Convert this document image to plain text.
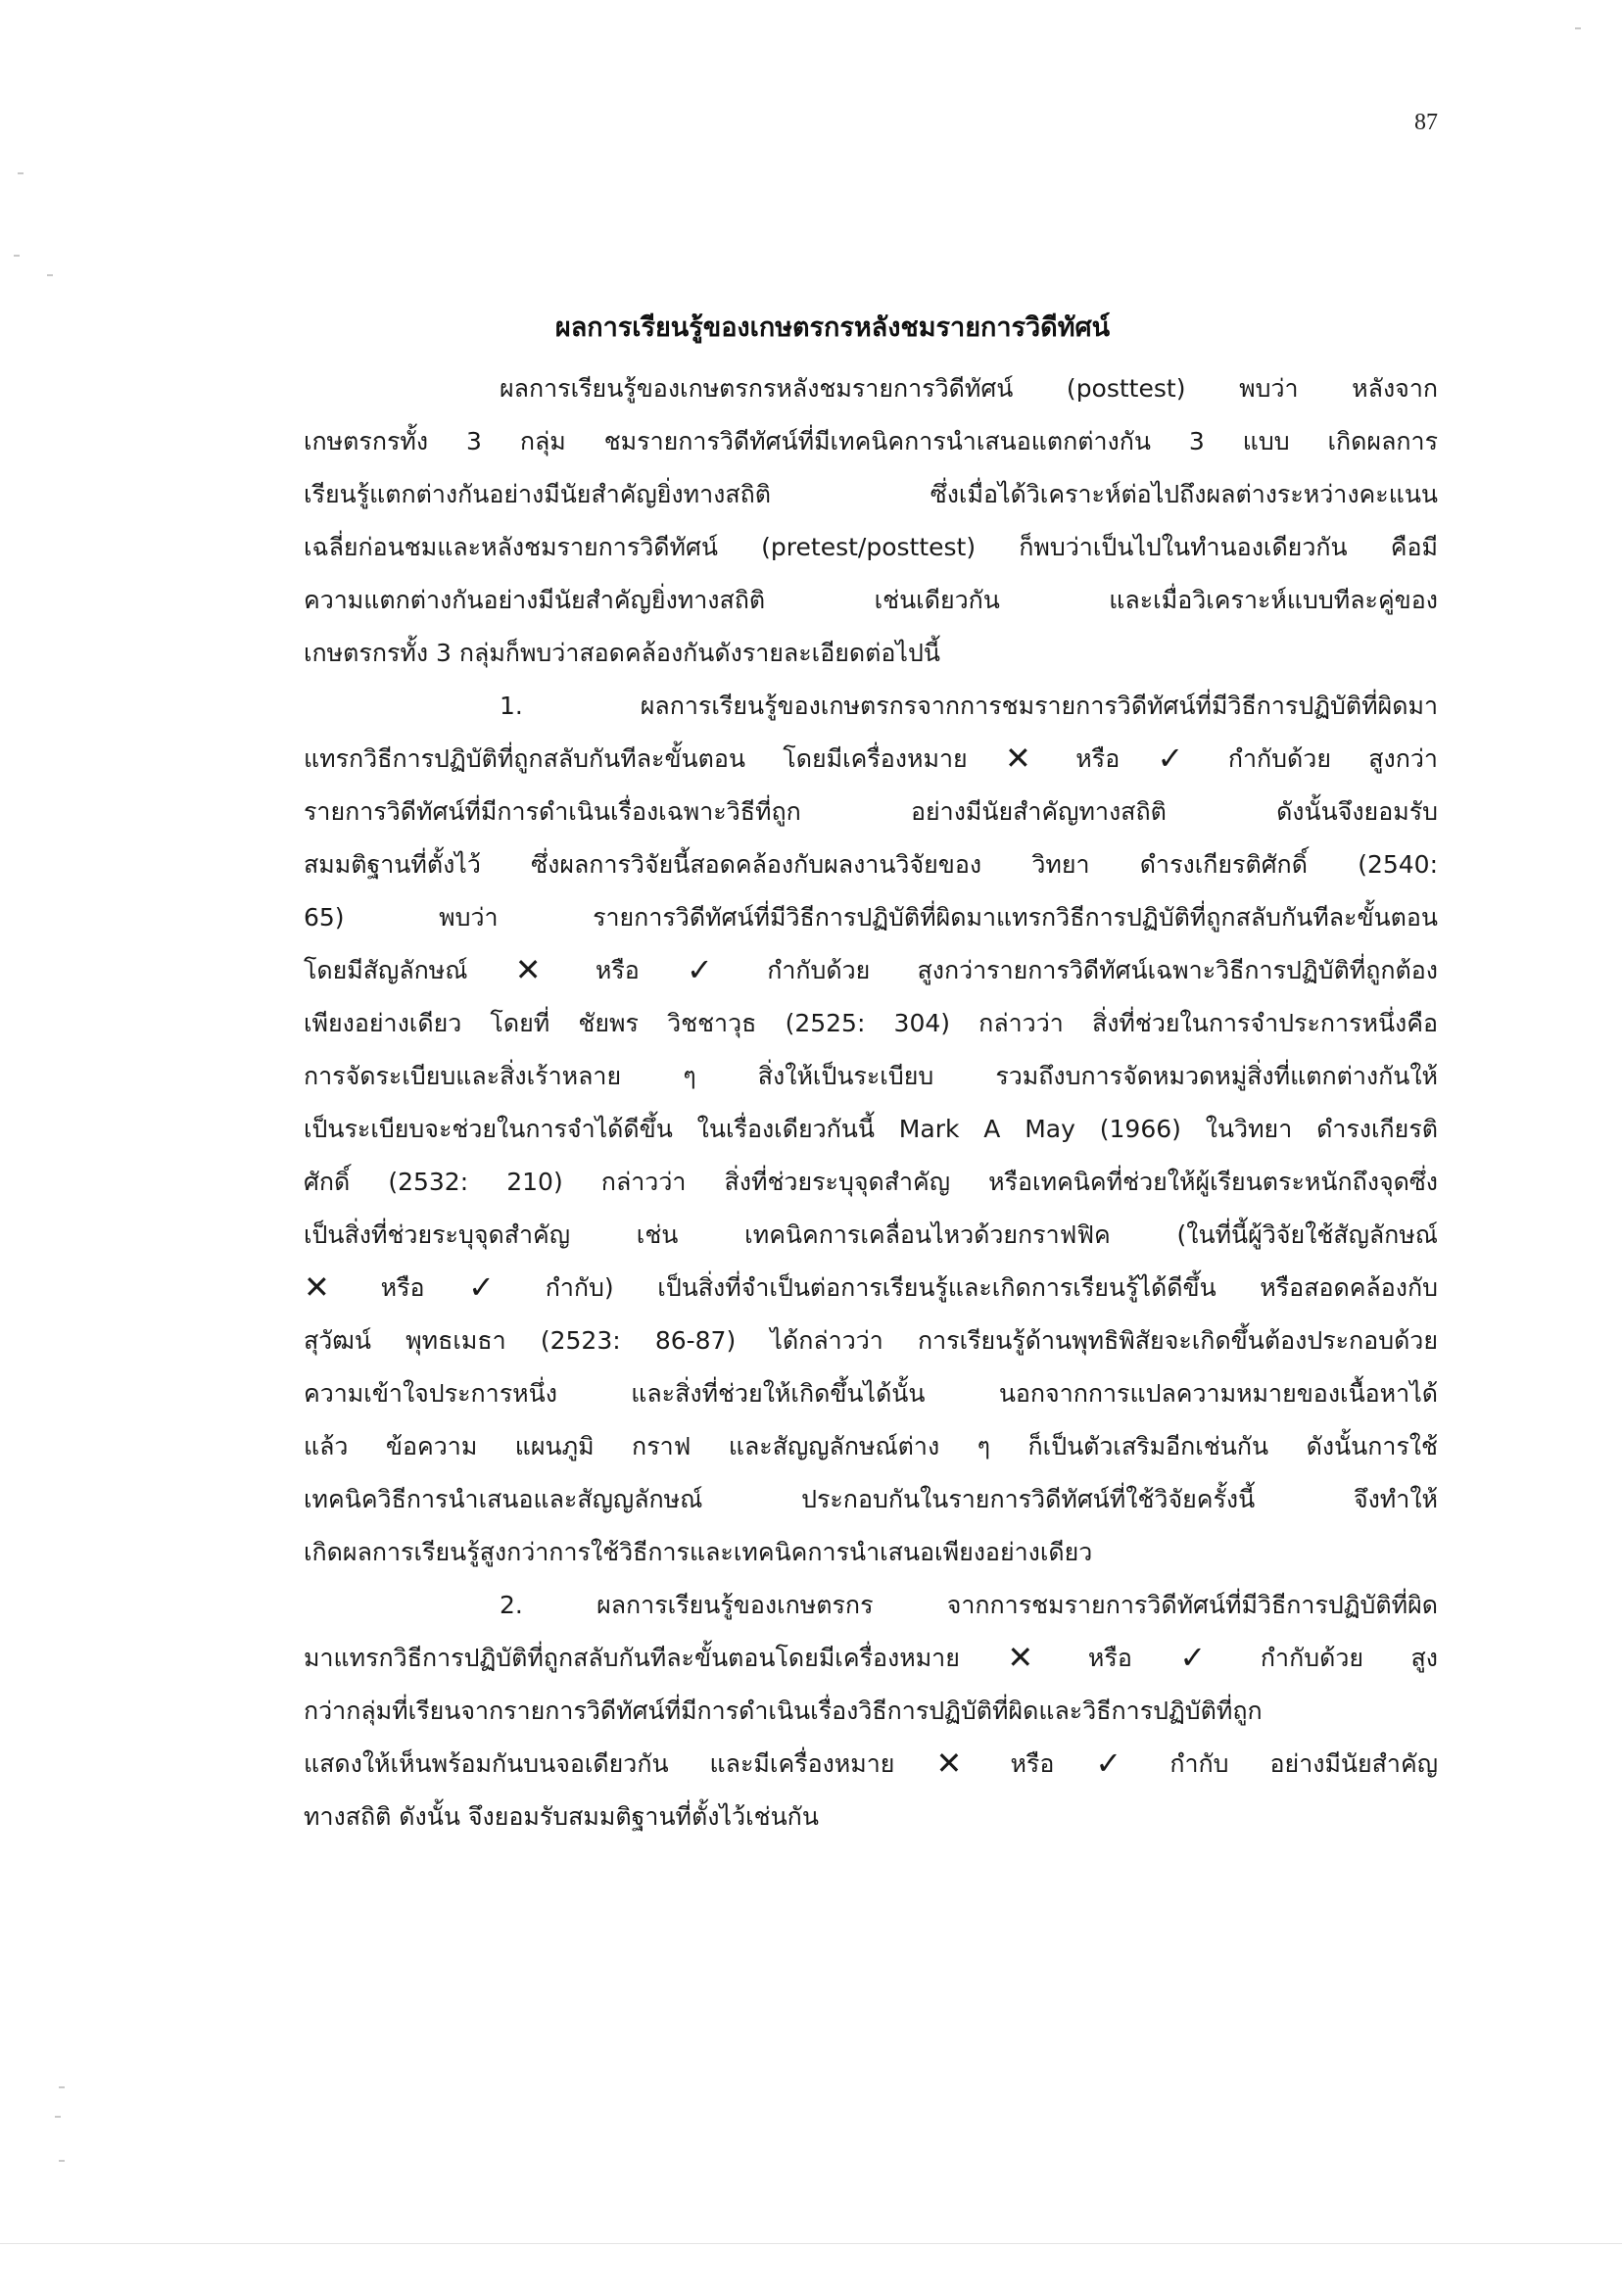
87
ผลการเรียนรู้ของเกษตรกรหลังชมรายการวิดีทัศน์
ผลการเรียนรู้ของเกษตรกรหลังชมรายการวิดีทัศน์ (posttest) พบว่า หลังจาก
เกษตรกรทั้ง 3 กลุ่ม ชมรายการวิดีทัศน์ที่มีเทคนิคการนำเสนอแตกต่างกัน 3 แบบ เกิดผลการ
เรียนรู้แตกต่างกันอย่างมีนัยสำคัญยิ่งทางสถิติ ซึ่งเมื่อได้วิเคราะห์ต่อไปถึงผลต่างระหว่างคะแนน
เฉลี่ยก่อนชมและหลังชมรายการวิดีทัศน์ (pretest/posttest) ก็พบว่าเป็นไปในทำนองเดียวกัน คือมี
ความแตกต่างกันอย่างมีนัยสำคัญยิ่งทางสถิติ เช่นเดียวกัน และเมื่อวิเคราะห์แบบทีละคู่ของ
เกษตรกรทั้ง 3 กลุ่มก็พบว่าสอดคล้องกันดังรายละเอียดต่อไปนี้
1. ผลการเรียนรู้ของเกษตรกรจากการชมรายการวิดีทัศน์ที่มีวิธีการปฏิบัติที่ผิดมา
แทรกวิธีการปฏิบัติที่ถูกสลับกันทีละขั้นตอน โดยมีเครื่องหมาย ✕ หรือ ✓ กำกับด้วย สูงกว่า
รายการวิดีทัศน์ที่มีการดำเนินเรื่องเฉพาะวิธีที่ถูก อย่างมีนัยสำคัญทางสถิติ ดังนั้นจึงยอมรับ
สมมติฐานที่ตั้งไว้ ซึ่งผลการวิจัยนี้สอดคล้องกับผลงานวิจัยของ วิทยา ดำรงเกียรติศักดิ์ (2540:
65) พบว่า รายการวิดีทัศน์ที่มีวิธีการปฏิบัติที่ผิดมาแทรกวิธีการปฏิบัติที่ถูกสลับกันทีละขั้นตอน
โดยมีสัญลักษณ์ ✕ หรือ ✓ กำกับด้วย สูงกว่ารายการวิดีทัศน์เฉพาะวิธีการปฏิบัติที่ถูกต้อง
เพียงอย่างเดียว โดยที่ ชัยพร วิชชาวุธ (2525: 304) กล่าวว่า สิ่งที่ช่วยในการจำประการหนึ่งคือ
การจัดระเบียบและสิ่งเร้าหลาย ๆ สิ่งให้เป็นระเบียบ รวมถึงบการจัดหมวดหมู่สิ่งที่แตกต่างกันให้
เป็นระเบียบจะช่วยในการจำได้ดีขึ้น ในเรื่องเดียวกันนี้ Mark A May (1966) ในวิทยา ดำรงเกียรติ
ศักดิ์ (2532: 210) กล่าวว่า สิ่งที่ช่วยระบุจุดสำคัญ หรือเทคนิคที่ช่วยให้ผู้เรียนตระหนักถึงจุดซึ่ง
เป็นสิ่งที่ช่วยระบุจุดสำคัญ เช่น เทคนิคการเคลื่อนไหวด้วยกราฟฟิค (ในที่นี้ผู้วิจัยใช้สัญลักษณ์
✕ หรือ ✓ กำกับ) เป็นสิ่งที่จำเป็นต่อการเรียนรู้และเกิดการเรียนรู้ได้ดีขึ้น หรือสอดคล้องกับ
สุวัฒน์ พุทธเมธา (2523: 86-87) ได้กล่าวว่า การเรียนรู้ด้านพุทธิพิสัยจะเกิดขึ้นต้องประกอบด้วย
ความเข้าใจประการหนึ่ง และสิ่งที่ช่วยให้เกิดขึ้นได้นั้น นอกจากการแปลความหมายของเนื้อหาได้
แล้ว ข้อความ แผนภูมิ กราฟ และสัญญลักษณ์ต่าง ๆ ก็เป็นตัวเสริมอีกเช่นกัน ดังนั้นการใช้
เทคนิควิธีการนำเสนอและสัญญลักษณ์ ประกอบกันในรายการวิดีทัศน์ที่ใช้วิจัยครั้งนี้ จึงทำให้
เกิดผลการเรียนรู้สูงกว่าการใช้วิธีการและเทคนิคการนำเสนอเพียงอย่างเดียว
2. ผลการเรียนรู้ของเกษตรกร จากการชมรายการวิดีทัศน์ที่มีวิธีการปฏิบัติที่ผิด
มาแทรกวิธีการปฏิบัติที่ถูกสลับกันทีละขั้นตอนโดยมีเครื่องหมาย ✕ หรือ ✓ กำกับด้วย สูง
กว่ากลุ่มที่เรียนจากรายการวิดีทัศน์ที่มีการดำเนินเรื่องวิธีการปฏิบัติที่ผิดและวิธีการปฏิบัติที่ถูก
แสดงให้เห็นพร้อมกันบนจอเดียวกัน และมีเครื่องหมาย ✕ หรือ ✓ กำกับ อย่างมีนัยสำคัญ
ทางสถิติ ดังนั้น จึงยอมรับสมมติฐานที่ตั้งไว้เช่นกัน
